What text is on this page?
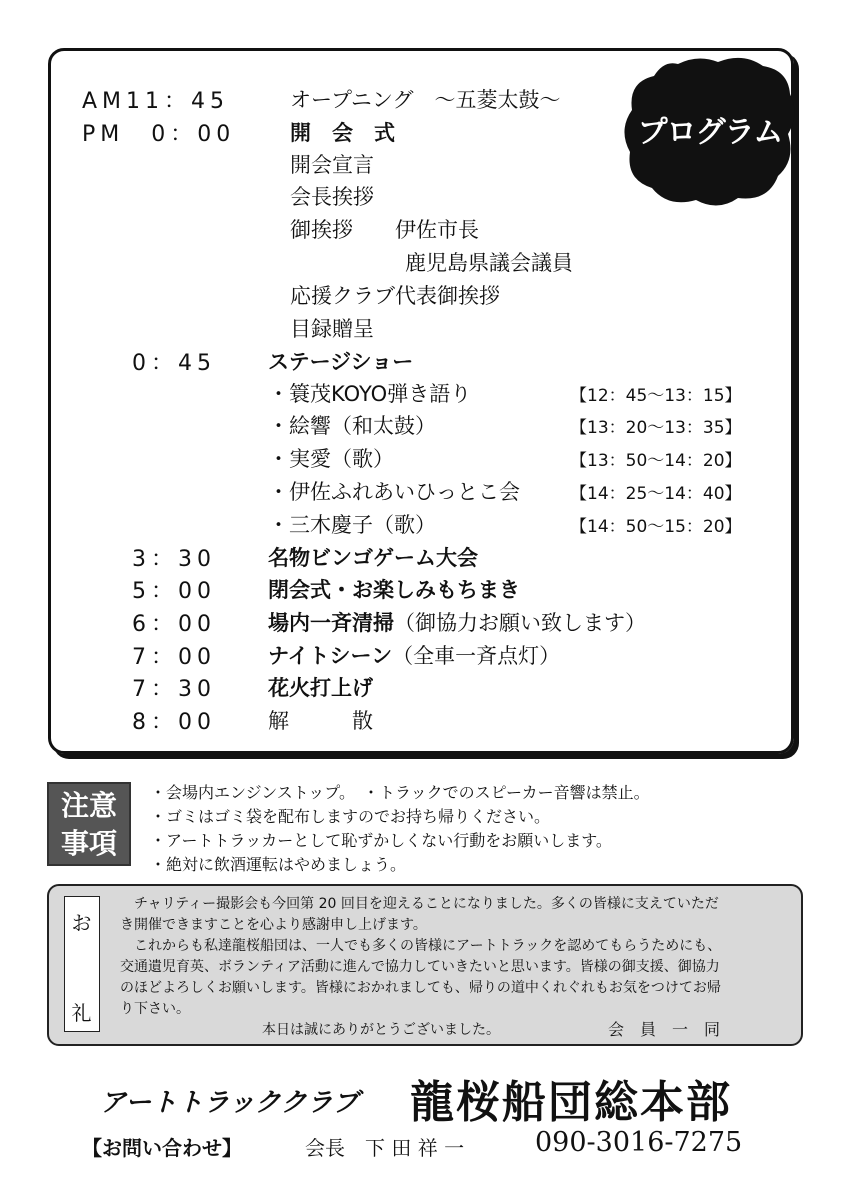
プログラム
AM11：45	オープニング　～五菱太鼓～
PM　0：00	開　会　式
開会宣言
会長挨拶
御挨拶　　伊佐市長
鹿児島県議会議員
応援クラブ代表御挨拶
目録贈呈
0：45 ステージショー
・簑茂KOYO弾き語り	【12：45～13：15】
・絵響（和太鼓）	【13：20～13：35】
・実愛（歌）	【13：50～14：20】
・伊佐ふれあいひっとこ会	【14：25～14：40】
・三木慶子（歌）	【14：50～15：20】
3：30 名物ビンゴゲーム大会
5：00 閉会式・お楽しみもちまき
6：00 場内一斉清掃（御協力お願い致します）
7：00 ナイトシーン（全車一斉点灯）
7：30 花火打上げ
8：00 解　　　散
注意
事項
・会場内エンジンストップ。　・トラックでのスピーカー音響は禁止。
・ゴミはゴミ袋を配布しますのでお持ち帰りください。
・アートトラッカーとして恥ずかしくない行動をお願いします。
・絶対に飲酒運転はやめましょう。
お
礼
　チャリティー撮影会も今回第 20 回目を迎えることになりました。多くの皆様に支えていただ
き開催できますことを心より感謝申し上げます。
　これからも私達龍桜船団は、一人でも多くの皆様にアートトラックを認めてもらうためにも、
交通遺児育英、ボランティア活動に進んで協力していきたいと思います。皆様の御支援、御協力
のほどよろしくお願いします。皆様におかれましても、帰りの道中くれぐれもお気をつけてお帰
り下さい。
本日は誠にありがとうございました。	会　員　一　同
アートトラッククラブ 龍桜船団総本部
【お問い合わせ】	会長　下 田 祥 一	090-3016-7275
